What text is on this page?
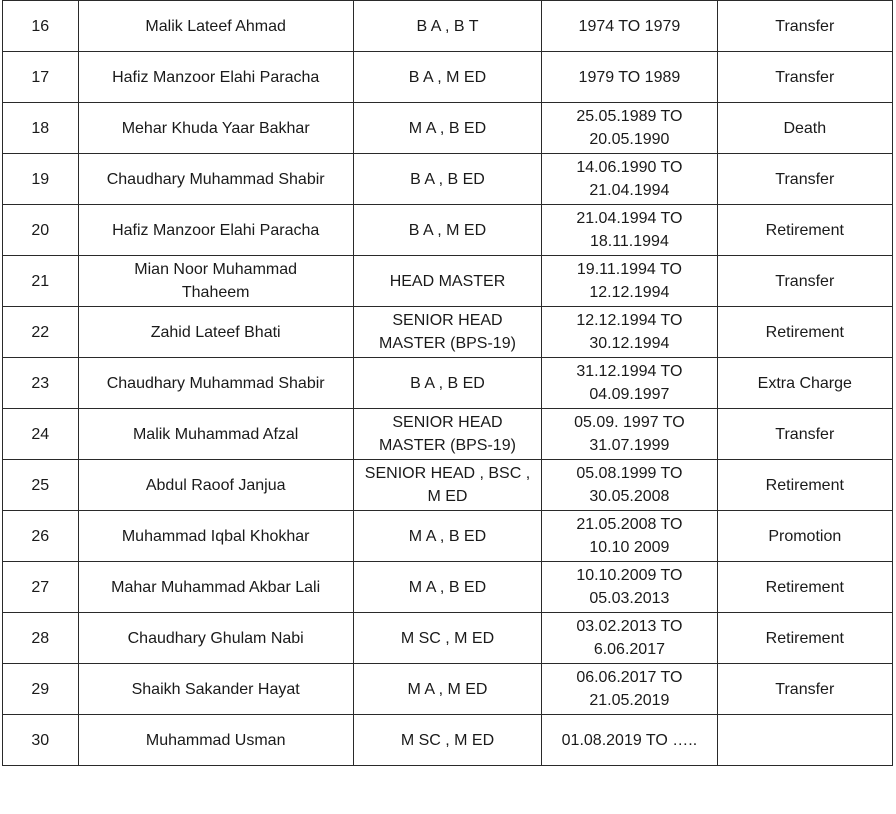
16	Malik Lateef Ahmad	B A , B T	1974 TO 1979	Transfer

17	Hafiz Manzoor Elahi Paracha	B A , M ED	1979 TO 1989	Transfer

18	Mehar Khuda Yaar Bakhar	M A , B ED	25.05.1989 TO
20.05.1990	Death

19	Chaudhary Muhammad Shabir	B A , B ED	14.06.1990 TO
21.04.1994	Transfer

20	Hafiz Manzoor Elahi Paracha	B A , M ED	21.04.1994 TO
18.11.1994	Retirement

21	Mian Noor Muhammad
Thaheem	HEAD MASTER	19.11.1994 TO
12.12.1994	Transfer

22	Zahid Lateef Bhati	SENIOR HEAD
MASTER (BPS-19)	12.12.1994 TO
30.12.1994	Retirement

23	Chaudhary Muhammad Shabir	B A , B ED	31.12.1994 TO
04.09.1997	Extra Charge

24	Malik Muhammad Afzal	SENIOR HEAD
MASTER (BPS-19)	05.09. 1997 TO
31.07.1999	Transfer

25	Abdul Raoof Janjua	SENIOR HEAD , BSC ,
M ED	05.08.1999 TO
30.05.2008	Retirement

26	Muhammad Iqbal Khokhar	M A , B ED	21.05.2008 TO
10.10 2009	Promotion

27	Mahar Muhammad Akbar Lali	M A , B ED	10.10.2009 TO
05.03.2013	Retirement

28	Chaudhary Ghulam Nabi	M SC , M ED	03.02.2013 TO
6.06.2017	Retirement

29	Shaikh Sakander Hayat	M A , M ED	06.06.2017 TO
21.05.2019	Transfer

30	Muhammad Usman	M SC , M ED	01.08.2019 TO …..	
